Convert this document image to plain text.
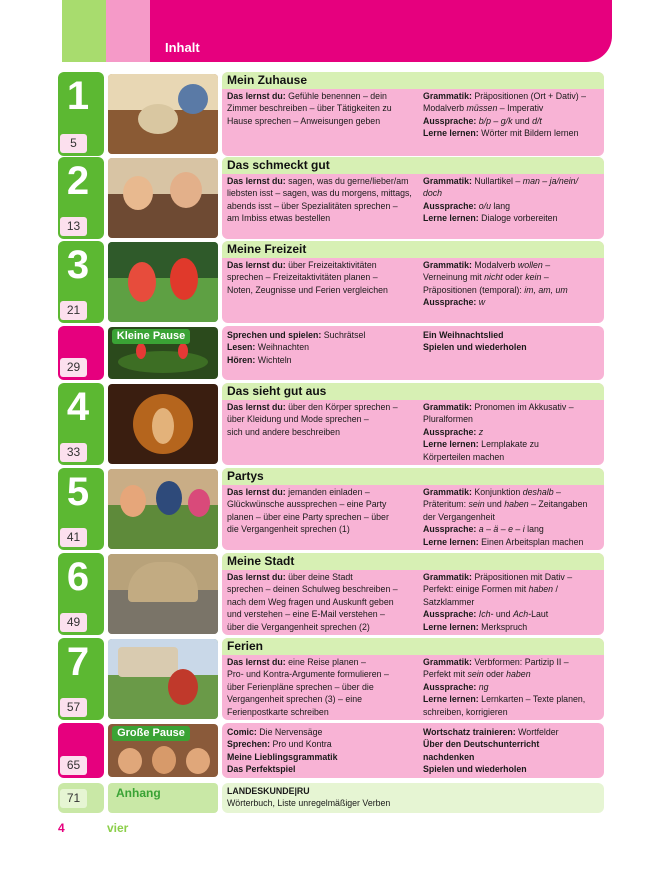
Inhalt
1
5
Mein Zuhause
Das lernst du: Gefühle benennen – dein
Zimmer beschreiben – über Tätigkeiten zu
Hause sprechen – Anweisungen geben
Grammatik: Präpositionen (Ort + Dativ) –
Modalverb müssen – Imperativ
Aussprache: b/p – g/k und d/t
Lerne lernen: Wörter mit Bildern lernen
2
13
Das schmeckt gut
Das lernst du: sagen, was du gerne/lieber/am
liebsten isst – sagen, was du morgens, mittags,
abends isst – über Spezialitäten sprechen –
am Imbiss etwas bestellen
Grammatik: Nullartikel – man – ja/nein/
doch
Aussprache: o/u lang
Lerne lernen: Dialoge vorbereiten
3
21
Meine Freizeit
Das lernst du: über Freizeitaktivitäten
sprechen – Freizeitaktivitäten planen –
Noten, Zeugnisse und Ferien vergleichen
Grammatik: Modalverb wollen –
Verneinung mit nicht oder kein –
Präpositionen (temporal): im, am, um
Aussprache: w
29
Kleine Pause	Sprechen und spielen: Suchrätsel
Lesen: Weihnachten
Hören: Wichteln
Ein Weihnachtslied
Spielen und wiederholen
4
33
Das sieht gut aus
Das lernst du: über den Körper sprechen –
über Kleidung und Mode sprechen –
sich und andere beschreiben
Grammatik: Pronomen im Akkusativ –
Pluralformen
Aussprache: z
Lerne lernen: Lernplakate zu
Körperteilen machen
5
41
Partys
Das lernst du: jemanden einladen –
Glückwünsche aussprechen – eine Party
planen – über eine Party sprechen – über
die Vergangenheit sprechen (1)
Grammatik: Konjunktion deshalb –
Präteritum: sein und haben – Zeitangaben
der Vergangenheit
Aussprache: a – ä – e – i lang
Lerne lernen: Einen Arbeitsplan machen
6
49
Meine Stadt
Das lernst du: über deine Stadt
sprechen – deinen Schulweg beschreiben –
nach dem Weg fragen und Auskunft geben
und verstehen – eine E-Mail verstehen –
über die Vergangenheit sprechen (2)
Grammatik: Präpositionen mit Dativ –
Perfekt: einige Formen mit haben /
Satzklammer
Aussprache: Ich- und Ach-Laut
Lerne lernen: Merkspruch
7
57
Ferien
Das lernst du: eine Reise planen –
Pro- und Kontra-Argumente formulieren –
über Ferienpläne sprechen – über die
Vergangenheit sprechen (3) – eine
Ferienpostkarte schreiben
Grammatik: Verbformen: Partizip II –
Perfekt mit sein oder haben
Aussprache: ng
Lerne lernen: Lernkarten – Texte planen,
schreiben, korrigieren
65
Große Pause	Comic: Die Nervensäge
Sprechen: Pro und Kontra
Meine Lieblingsgrammatik
Das Perfektspiel
Wortschatz trainieren: Wortfelder
Über den Deutschunterricht
nachdenken
Spielen und wiederholen
71	Anhang	LANDESKUNDE|RU
Wörterbuch, Liste unregelmäßiger Verben
4	vier
